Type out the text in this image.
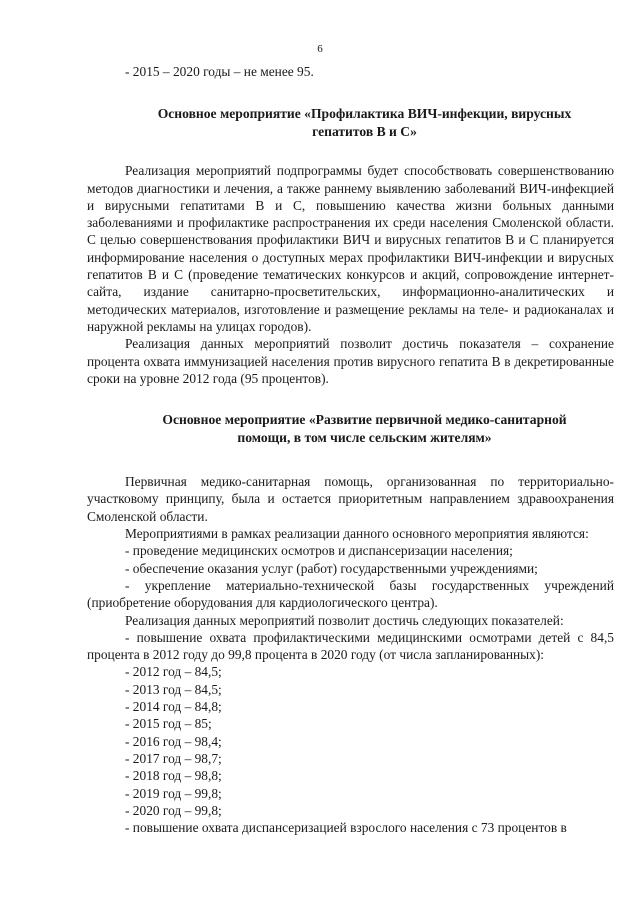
6

- 2015 – 2020 годы – не менее 95.

Основное мероприятие «Профилактика ВИЧ-инфекции, вирусных

гепатитов В и С»

Реализация мероприятий подпрограммы будет способствовать совершенствованию методов диагностики и лечения, а также раннему выявлению заболеваний ВИЧ-инфекцией и вирусными гепатитами В и С, повышению качества жизни больных данными заболеваниями и профилактике распространения их среди населения Смоленской области. С целью совершенствования профилактики ВИЧ и вирусных гепатитов В и С планируется информирование населения о доступных мерах профилактики ВИЧ-инфекции и вирусных гепатитов В и С (проведение тематических конкурсов и акций, сопровождение интернет-сайта, издание санитарно-просветительских, информационно-аналитических и методических материалов, изготовление и размещение рекламы на теле- и радиоканалах и наружной рекламы на улицах городов).

Реализация данных мероприятий позволит достичь показателя – сохранение процента охвата иммунизацией населения против вирусного гепатита В в декретированные сроки на уровне 2012 года (95 процентов).

Основное мероприятие «Развитие первичной медико-санитарной

помощи, в том числе сельским жителям»

Первичная медико-санитарная помощь, организованная по территориально-участковому принципу, была и остается приоритетным направлением здравоохранения Смоленской области.

Мероприятиями в рамках реализации данного основного мероприятия являются:

- проведение медицинских осмотров и диспансеризации населения;

- обеспечение оказания услуг (работ) государственными учреждениями;

- укрепление материально-технической базы государственных учреждений (приобретение оборудования для кардиологического центра).

Реализация данных мероприятий позволит достичь следующих показателей:

- повышение охвата профилактическими медицинскими осмотрами детей с 84,5 процента в 2012 году до 99,8 процента в 2020 году (от числа запланированных):

- 2012 год – 84,5;

- 2013 год – 84,5;

- 2014 год – 84,8;

- 2015 год – 85;

- 2016 год – 98,4;

- 2017 год – 98,7;

- 2018 год – 98,8;

- 2019 год – 99,8;

- 2020 год – 99,8;

- повышение охвата диспансеризацией взрослого населения с 73 процентов в
